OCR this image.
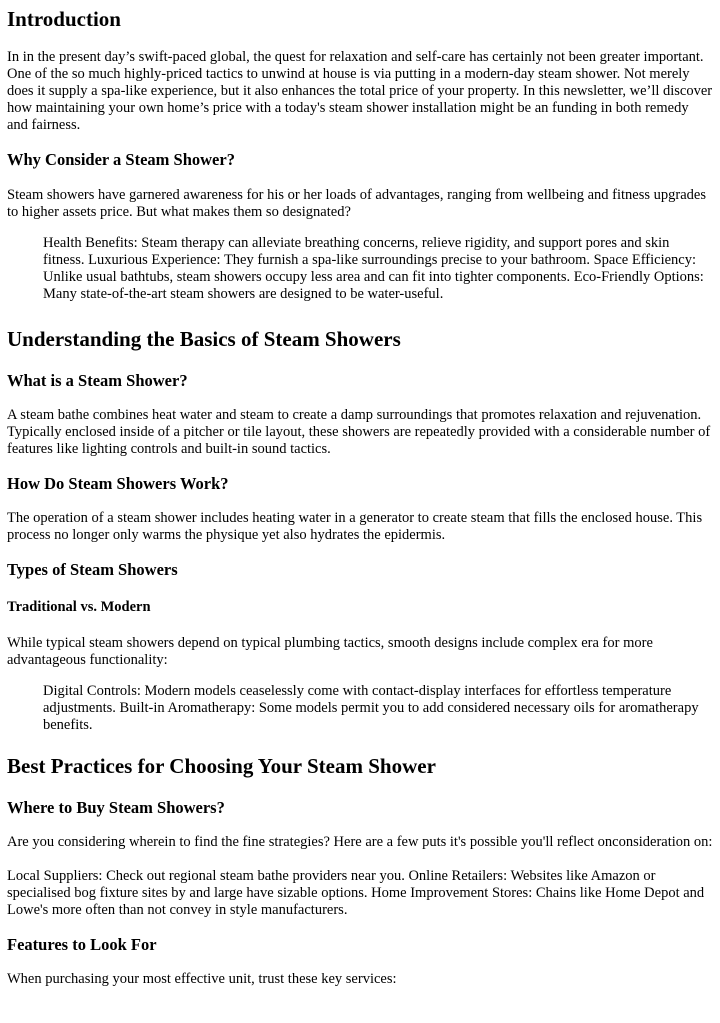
Introduction

In in the present day’s swift-paced global, the quest for relaxation and self-care has certainly not been greater important. One of the so much highly-priced tactics to unwind at house is via putting in a modern-day steam shower. Not merely does it supply a spa-like experience, but it also enhances the total price of your property. In this newsletter, we’ll discover how maintaining your own home’s price with a today's steam shower installation might be an funding in both remedy and fairness.

Why Consider a Steam Shower?

Steam showers have garnered awareness for his or her loads of advantages, ranging from wellbeing and fitness upgrades to higher assets price. But what makes them so designated?

Health Benefits: Steam therapy can alleviate breathing concerns, relieve rigidity, and support pores and skin fitness. Luxurious Experience: They furnish a spa-like surroundings precise to your bathroom. Space Efficiency: Unlike usual bathtubs, steam showers occupy less area and can fit into tighter components. Eco-Friendly Options: Many state-of-the-art steam showers are designed to be water-useful.

Understanding the Basics of Steam Showers
What is a Steam Shower?

A steam bathe combines heat water and steam to create a damp surroundings that promotes relaxation and rejuvenation. Typically enclosed inside of a pitcher or tile layout, these showers are repeatedly provided with a considerable number of features like lighting controls and built-in sound tactics.

How Do Steam Showers Work?

The operation of a steam shower includes heating water in a generator to create steam that fills the enclosed house. This process no longer only warms the physique yet also hydrates the epidermis.

Types of Steam Showers
Traditional vs. Modern

While typical steam showers depend on typical plumbing tactics, smooth designs include complex era for more advantageous functionality:

Digital Controls: Modern models ceaselessly come with contact-display interfaces for effortless temperature adjustments. Built-in Aromatherapy: Some models permit you to add considered necessary oils for aromatherapy benefits.

Best Practices for Choosing Your Steam Shower
Where to Buy Steam Showers?

Are you considering wherein to find the fine strategies? Here are a few puts it's possible you'll reflect onconsideration on:

Local Suppliers: Check out regional steam bathe providers near you. Online Retailers: Websites like Amazon or specialised bog fixture sites by and large have sizable options. Home Improvement Stores: Chains like Home Depot and Lowe's more often than not convey in style manufacturers.

Features to Look For

When purchasing your most effective unit, trust these key services:
